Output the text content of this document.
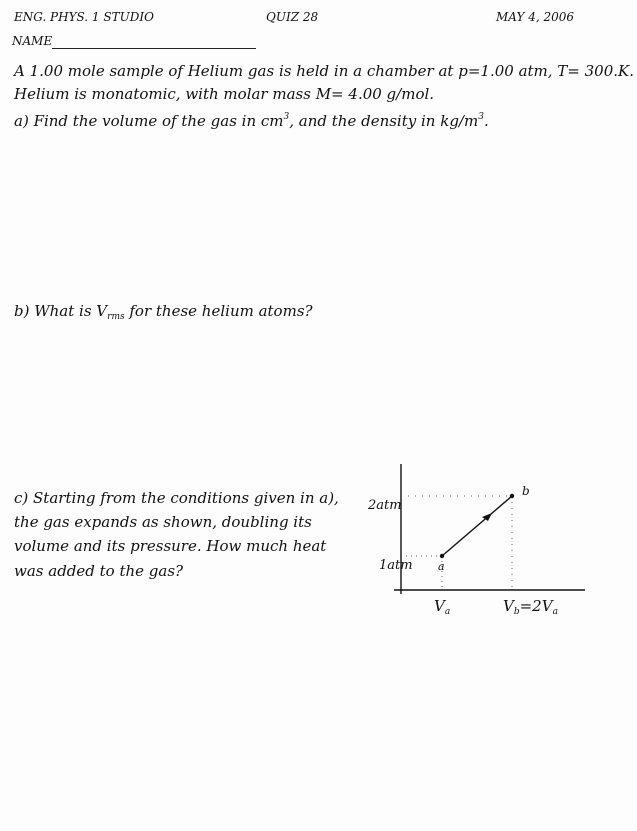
ENG. PHYS. 1 STUDIO	QUIZ 28	MAY 4, 2006
NAME
A 1.00 mole sample of Helium gas is held in a chamber at p=1.00 atm, T= 300.K.
Helium is monatomic, with molar mass M= 4.00 g/mol.
a) Find the volume of the gas in $cm^3$, and the density in $kg/m^3$.
b) What is $V_{rms}$ for these helium atoms?
c) Starting from the conditions given in a),
the gas expands as shown, doubling its
volume and its pressure. How much heat
was added to the gas?
2atm
1atm a
b
$V_a$	$V_b=2V_a$
